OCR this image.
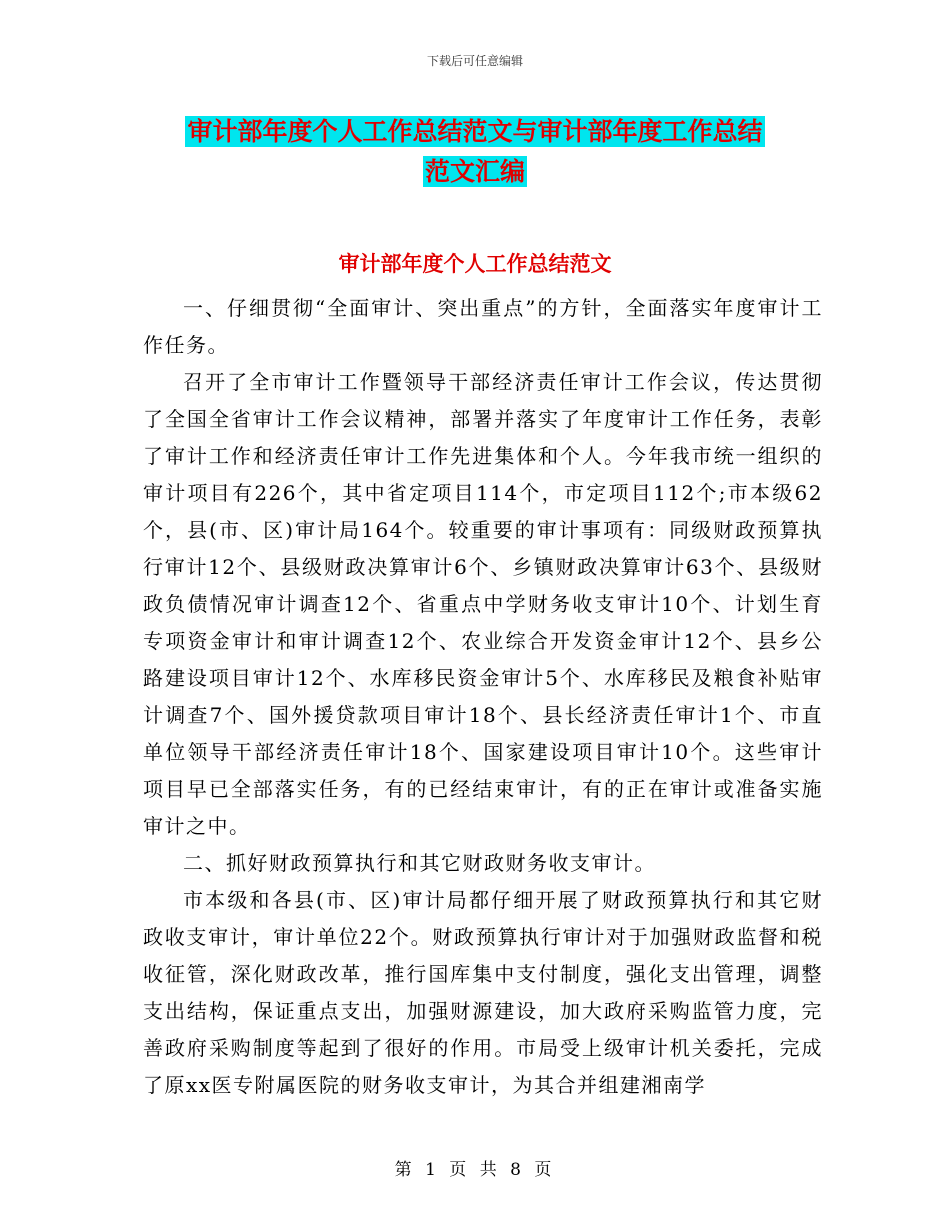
下载后可任意编辑
审计部年度个人工作总结范文与审计部年度工作总结
范文汇编
审计部年度个人工作总结范文

一、仔细贯彻“全面审计、突出重点”的方针，全面落实年度审计工作任务。

召开了全市审计工作暨领导干部经济责任审计工作会议，传达贯彻了全国全省审计工作会议精神，部署并落实了年度审计工作任务，表彰了审计工作和经济责任审计工作先进集体和个人。今年我市统一组织的审计项目有226个，其中省定项目114个，市定项目112个;市本级62个，县(市、区)审计局164个。较重要的审计事项有：同级财政预算执行审计12个、县级财政决算审计6个、乡镇财政决算审计63个、县级财政负债情况审计调查12个、省重点中学财务收支审计10个、计划生育专项资金审计和审计调查12个、农业综合开发资金审计12个、县乡公路建设项目审计12个、水库移民资金审计5个、水库移民及粮食补贴审计调查7个、国外援贷款项目审计18个、县长经济责任审计1个、市直单位领导干部经济责任审计18个、国家建设项目审计10个。这些审计项目早已全部落实任务，有的已经结束审计，有的正在审计或准备实施审计之中。

二、抓好财政预算执行和其它财政财务收支审计。

市本级和各县(市、区)审计局都仔细开展了财政预算执行和其它财政收支审计，审计单位22个。财政预算执行审计对于加强财政监督和税收征管，深化财政改革，推行国库集中支付制度，强化支出管理，调整支出结构，保证重点支出，加强财源建设，加大政府采购监管力度，完善政府采购制度等起到了很好的作用。市局受上级审计机关委托，完成了原xx医专附属医院的财务收支审计，为其合并组建湘南学

第 1 页 共 8 页
